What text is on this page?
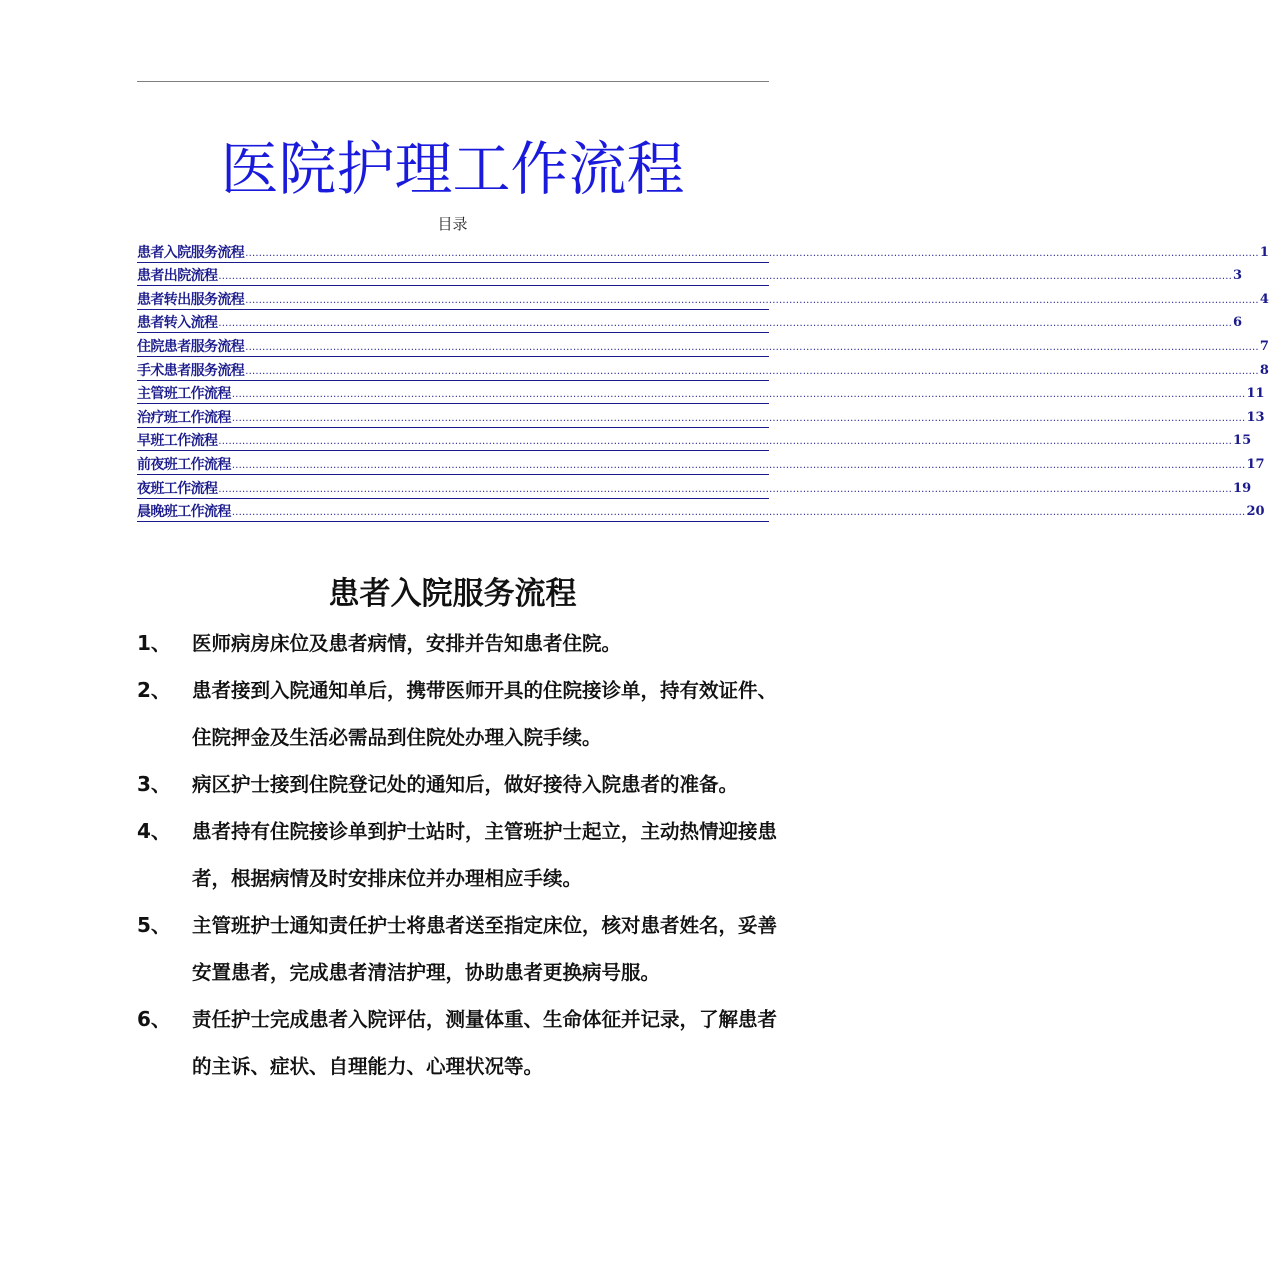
医院护理工作流程
目录
患者入院服务流程 ............................................................................................................................................................................................................................................................................................................ 1
患者出院流程 ............................................................................................................................................................................................................................................................................................................ 3
患者转出服务流程 ............................................................................................................................................................................................................................................................................................................ 4
患者转入流程 ............................................................................................................................................................................................................................................................................................................ 6
住院患者服务流程 ............................................................................................................................................................................................................................................................................................................ 7
手术患者服务流程 ............................................................................................................................................................................................................................................................................................................ 8
主管班工作流程 ............................................................................................................................................................................................................................................................................................................ 11
治疗班工作流程 ............................................................................................................................................................................................................................................................................................................ 13
早班工作流程 ............................................................................................................................................................................................................................................................................................................ 15
前夜班工作流程 ............................................................................................................................................................................................................................................................................................................ 17
夜班工作流程 ............................................................................................................................................................................................................................................................................................................ 19
晨晚班工作流程 ............................................................................................................................................................................................................................................................................................................ 20
患者入院服务流程
1、 医师病房床位及患者病情，安排并告知患者住院。
2、 患者接到入院通知单后，携带医师开具的住院接诊单，持有效证件、住院押金及生活必需品到住院处办理入院手续。
3、 病区护士接到住院登记处的通知后，做好接待入院患者的准备。
4、 患者持有住院接诊单到护士站时，主管班护士起立，主动热情迎接患者，根据病情及时安排床位并办理相应手续。
5、 主管班护士通知责任护士将患者送至指定床位，核对患者姓名，妥善安置患者，完成患者清洁护理，协助患者更换病号服。
6、 责任护士完成患者入院评估，测量体重、生命体征并记录，了解患者的主诉、症状、自理能力、心理状况等。
